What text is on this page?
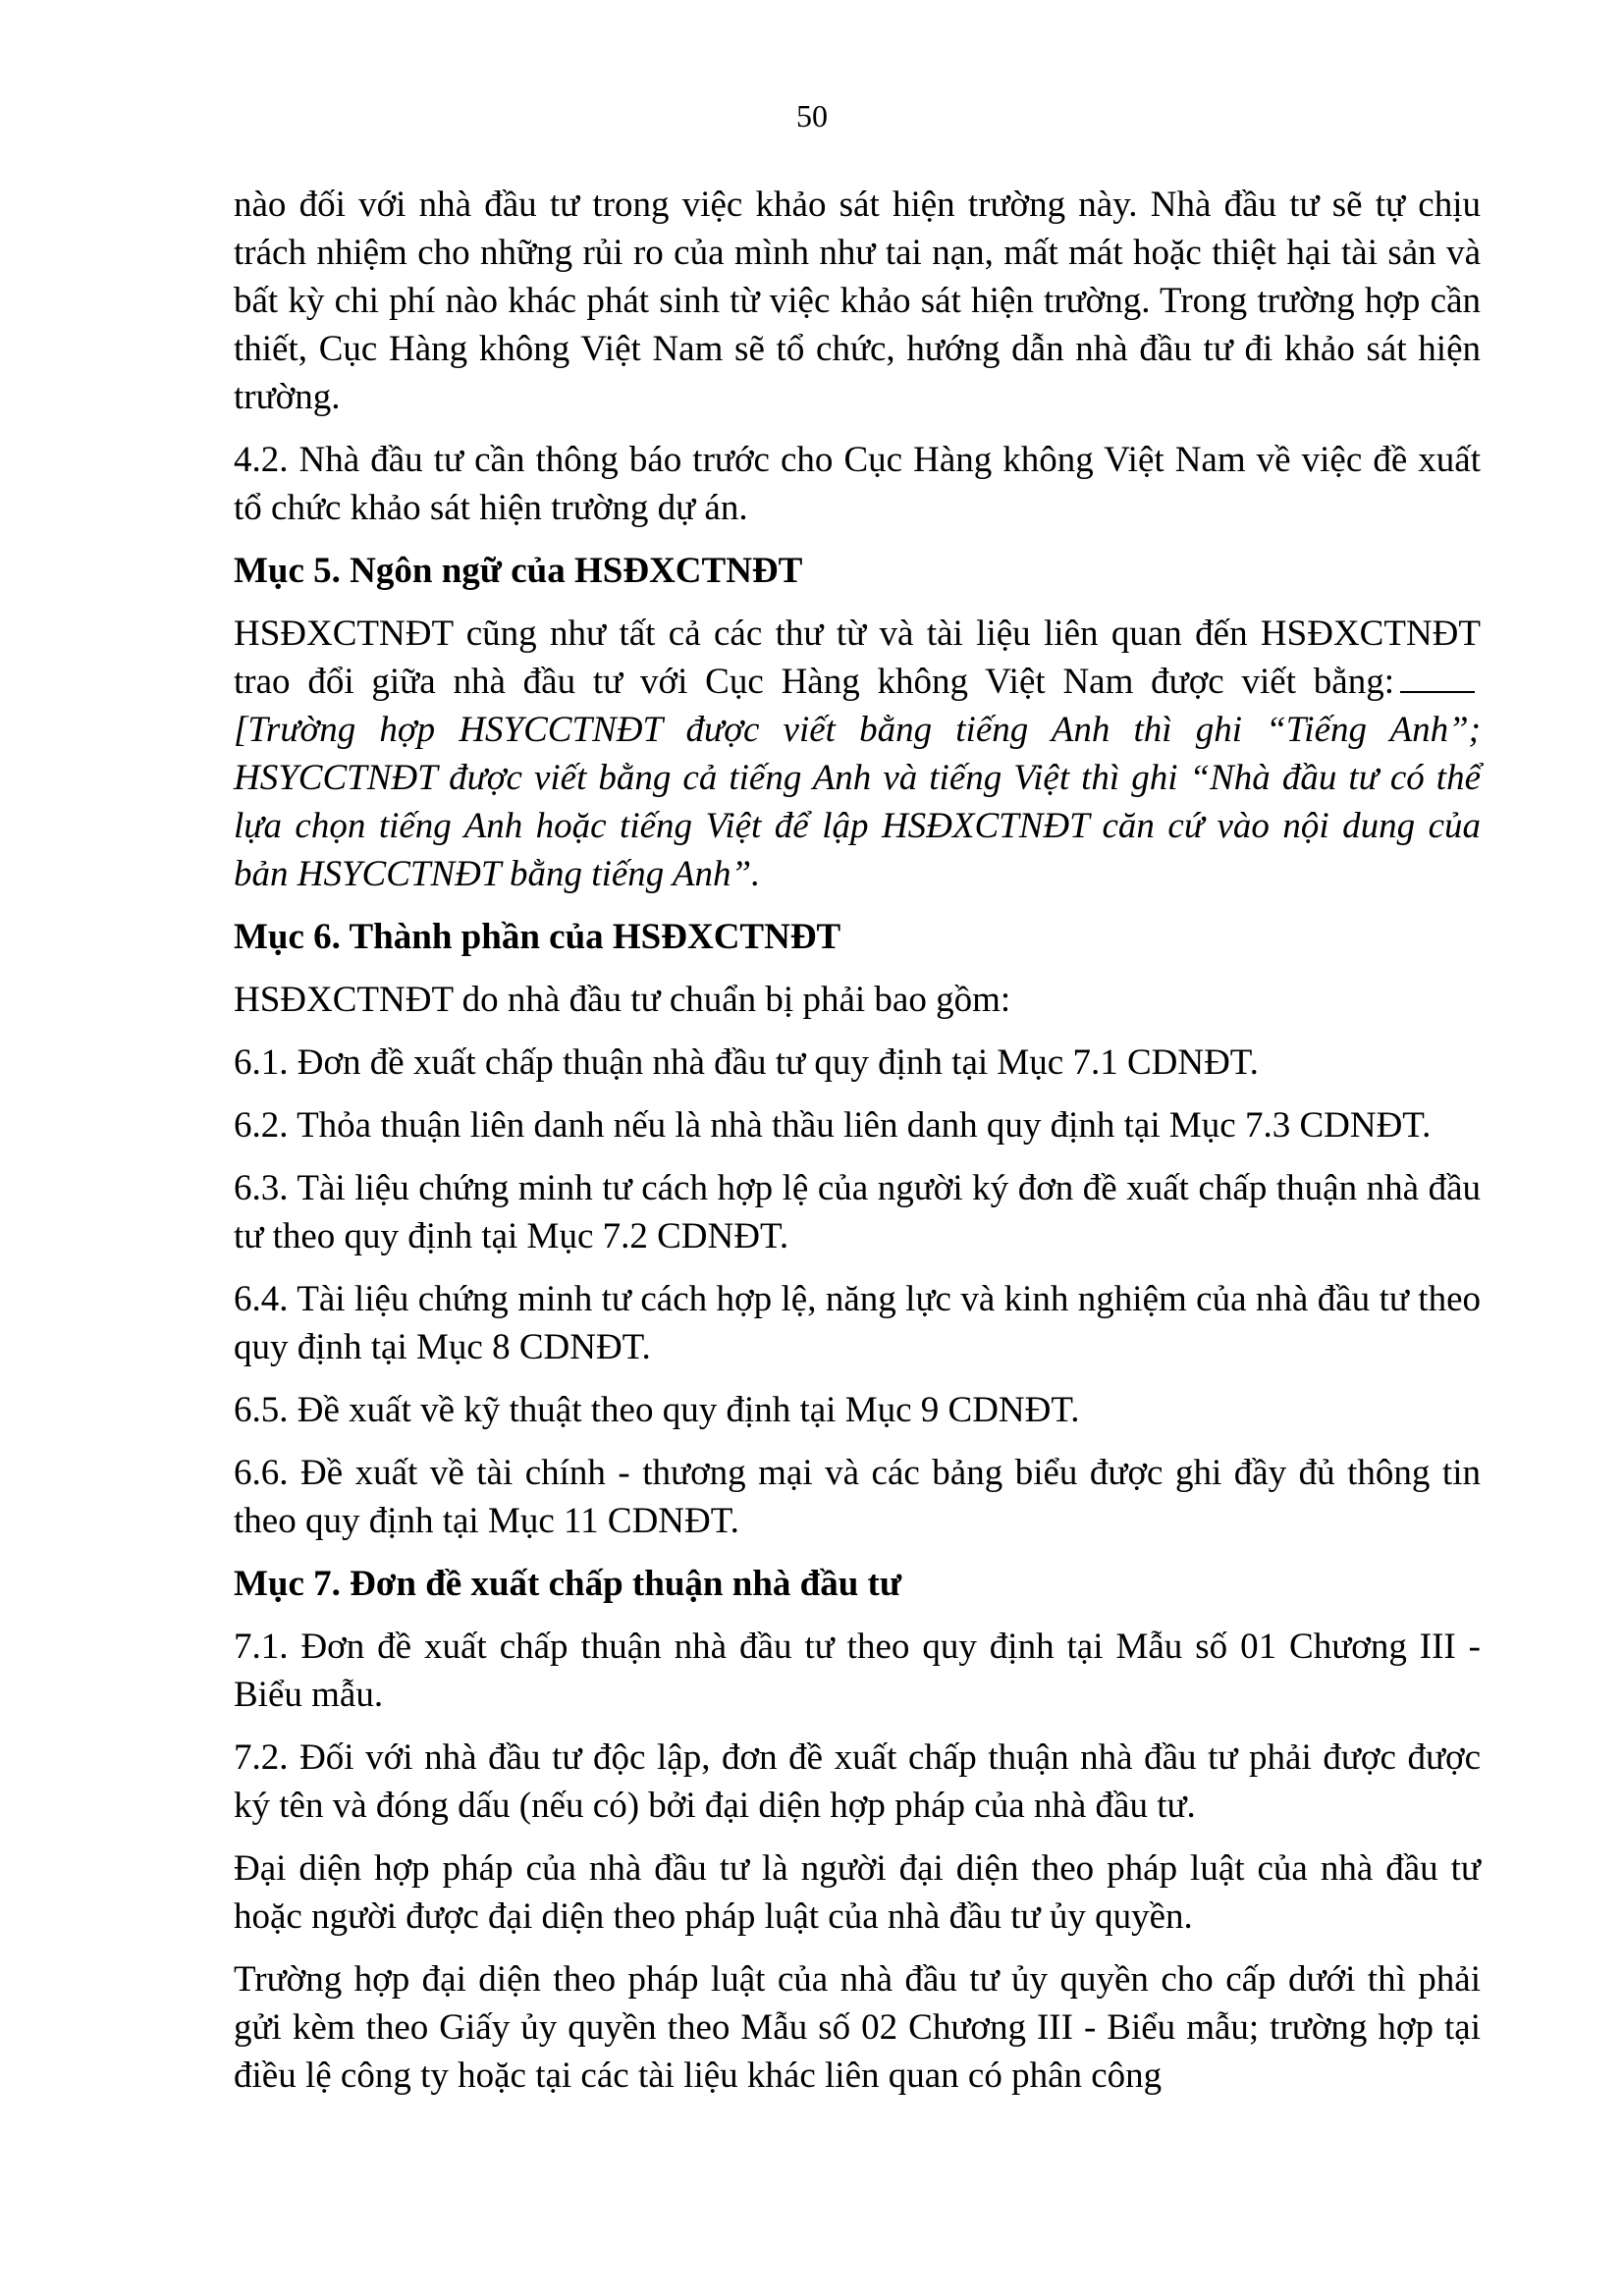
50

nào đối với nhà đầu tư trong việc khảo sát hiện trường này. Nhà đầu tư sẽ tự chịu trách nhiệm cho những rủi ro của mình như tai nạn, mất mát hoặc thiệt hại tài sản và bất kỳ chi phí nào khác phát sinh từ việc khảo sát hiện trường. Trong trường hợp cần thiết, Cục Hàng không Việt Nam sẽ tổ chức, hướng dẫn nhà đầu tư đi khảo sát hiện trường.

4.2. Nhà đầu tư cần thông báo trước cho Cục Hàng không Việt Nam về việc đề xuất tổ chức khảo sát hiện trường dự án.

Mục 5. Ngôn ngữ của HSĐXCTNĐT

HSĐXCTNĐT cũng như tất cả các thư từ và tài liệu liên quan đến HSĐXCTNĐT trao đổi giữa nhà đầu tư với Cục Hàng không Việt Nam được viết bằng:[Trường hợp HSYCCTNĐT được viết bằng tiếng Anh thì ghi “Tiếng Anh”; HSYCCTNĐT được viết bằng cả tiếng Anh và tiếng Việt thì ghi “Nhà đầu tư có thể lựa chọn tiếng Anh hoặc tiếng Việt để lập HSĐXCTNĐT căn cứ vào nội dung của bản HSYCCTNĐT bằng tiếng Anh”.

Mục 6. Thành phần của HSĐXCTNĐT

HSĐXCTNĐT do nhà đầu tư chuẩn bị phải bao gồm:

6.1. Đơn đề xuất chấp thuận nhà đầu tư quy định tại Mục 7.1 CDNĐT.

6.2. Thỏa thuận liên danh nếu là nhà thầu liên danh quy định tại Mục 7.3 CDNĐT.

6.3. Tài liệu chứng minh tư cách hợp lệ của người ký đơn đề xuất chấp thuận nhà đầu tư theo quy định tại Mục 7.2 CDNĐT.

6.4. Tài liệu chứng minh tư cách hợp lệ, năng lực và kinh nghiệm của nhà đầu tư theo quy định tại Mục 8 CDNĐT.

6.5. Đề xuất về kỹ thuật theo quy định tại Mục 9 CDNĐT.

6.6. Đề xuất về tài chính - thương mại và các bảng biểu được ghi đầy đủ thông tin theo quy định tại Mục 11 CDNĐT.

Mục 7. Đơn đề xuất chấp thuận nhà đầu tư

7.1. Đơn đề xuất chấp thuận nhà đầu tư theo quy định tại Mẫu số 01 Chương III - Biểu mẫu.

7.2. Đối với nhà đầu tư độc lập, đơn đề xuất chấp thuận nhà đầu tư phải được được ký tên và đóng dấu (nếu có) bởi đại diện hợp pháp của nhà đầu tư.

Đại diện hợp pháp của nhà đầu tư là người đại diện theo pháp luật của nhà đầu tư hoặc người được đại diện theo pháp luật của nhà đầu tư ủy quyền.

Trường hợp đại diện theo pháp luật của nhà đầu tư ủy quyền cho cấp dưới thì phải gửi kèm theo Giấy ủy quyền theo Mẫu số 02 Chương III - Biểu mẫu; trường hợp tại điều lệ công ty hoặc tại các tài liệu khác liên quan có phân công
